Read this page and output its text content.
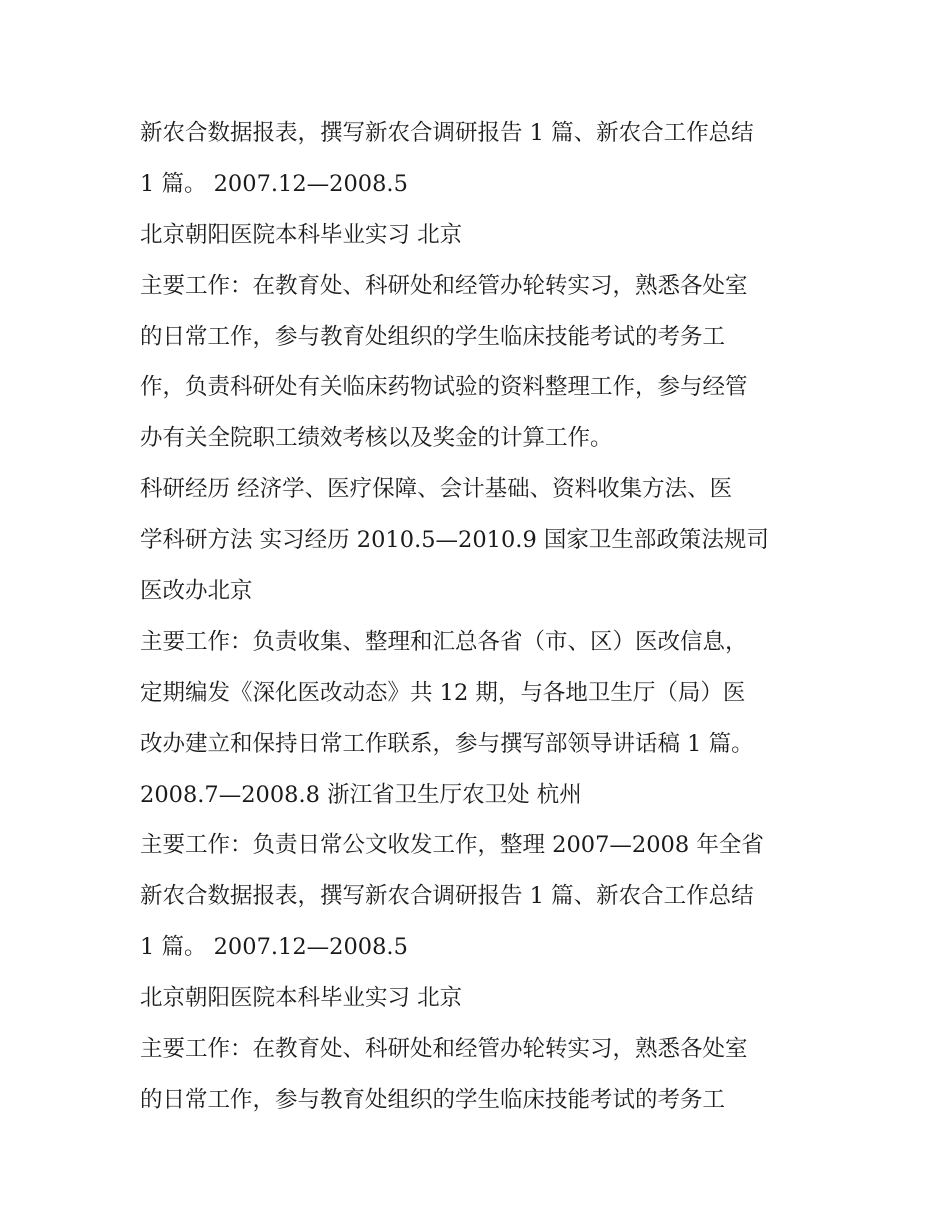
新农合数据报表，撰写新农合调研报告 1 篇、新农合工作总结
1 篇。 2007.12—2008.5
北京朝阳医院本科毕业实习 北京
主要工作：在教育处、科研处和经管办轮转实习，熟悉各处室
的日常工作，参与教育处组织的学生临床技能考试的考务工
作，负责科研处有关临床药物试验的资料整理工作，参与经管
办有关全院职工绩效考核以及奖金的计算工作。
科研经历 经济学、医疗保障、会计基础、资料收集方法、医
学科研方法 实习经历 2010.5—2010.9 国家卫生部政策法规司
医改办北京
主要工作：负责收集、整理和汇总各省（市、区）医改信息，
定期编发《深化医改动态》共 12 期，与各地卫生厅（局）医
改办建立和保持日常工作联系，参与撰写部领导讲话稿 1 篇。
2008.7—2008.8 浙江省卫生厅农卫处 杭州
主要工作：负责日常公文收发工作，整理 2007—2008 年全省
新农合数据报表，撰写新农合调研报告 1 篇、新农合工作总结
1 篇。 2007.12—2008.5
北京朝阳医院本科毕业实习 北京
主要工作：在教育处、科研处和经管办轮转实习，熟悉各处室
的日常工作，参与教育处组织的学生临床技能考试的考务工
